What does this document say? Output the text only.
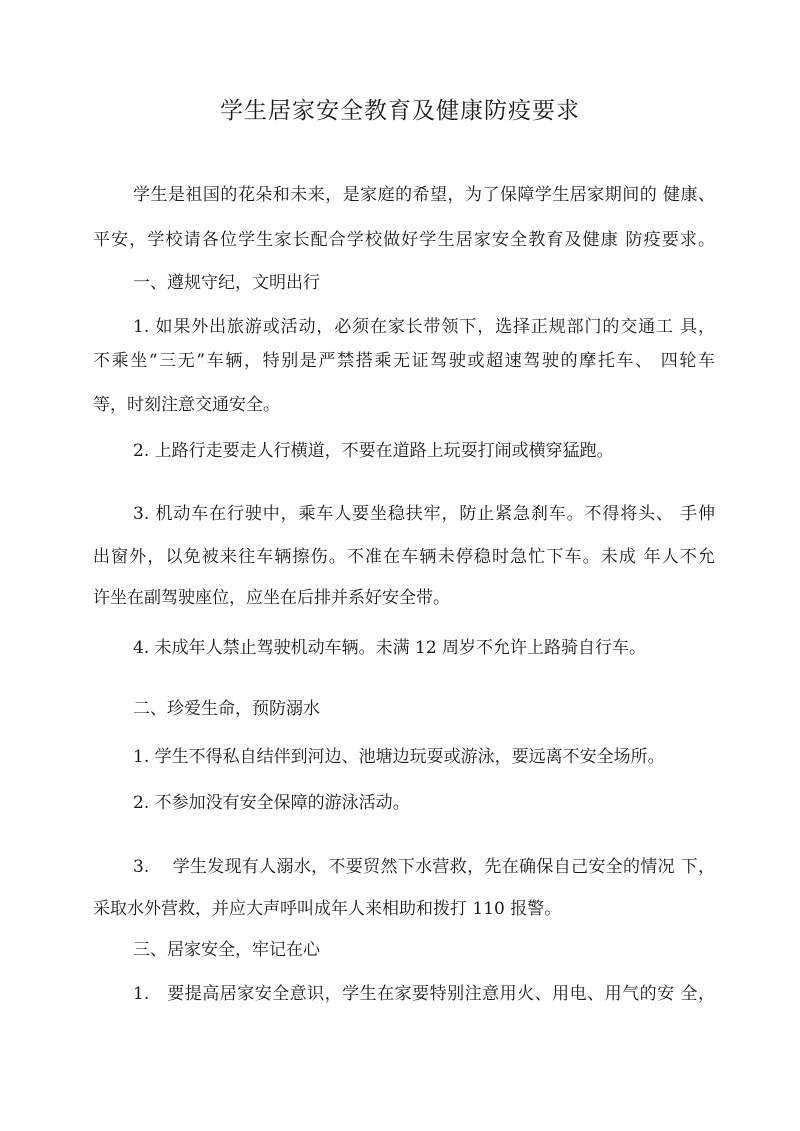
学生居家安全教育及健康防疫要求
学生是祖国的花朵和未来，是家庭的希望，为了保障学生居家期间的 健康、
平安，学校请各位学生家长配合学校做好学生居家安全教育及健康 防疫要求。
一、遵规守纪，文明出行
1. 如果外出旅游或活动，必须在家长带领下，选择正规部门的交通工 具，
不乘坐“三无”车辆，特别是严禁搭乘无证驾驶或超速驾驶的摩托车、 四轮车
等，时刻注意交通安全。
2. 上路行走要走人行横道，不要在道路上玩耍打闹或横穿猛跑。
3. 机动车在行驶中，乘车人要坐稳扶牢，防止紧急刹车。不得将头、 手伸
出窗外，以免被来往车辆擦伤。不准在车辆未停稳时急忙下车。未成 年人不允
许坐在副驾驶座位，应坐在后排并系好安全带。
4. 未成年人禁止驾驶机动车辆。未满 12 周岁不允许上路骑自行车。
二、珍爱生命，预防溺水
1. 学生不得私自结伴到河边、池塘边玩耍或游泳，要远离不安全场所。
2. 不参加没有安全保障的游泳活动。
3.　 学生发现有人溺水，不要贸然下水营救，先在确保自己安全的情况 下，
采取水外营救，并应大声呼叫成年人来相助和拨打 110 报警。
三、居家安全，牢记在心
1.　要提高居家安全意识，学生在家要特别注意用火、用电、用气的安 全，
